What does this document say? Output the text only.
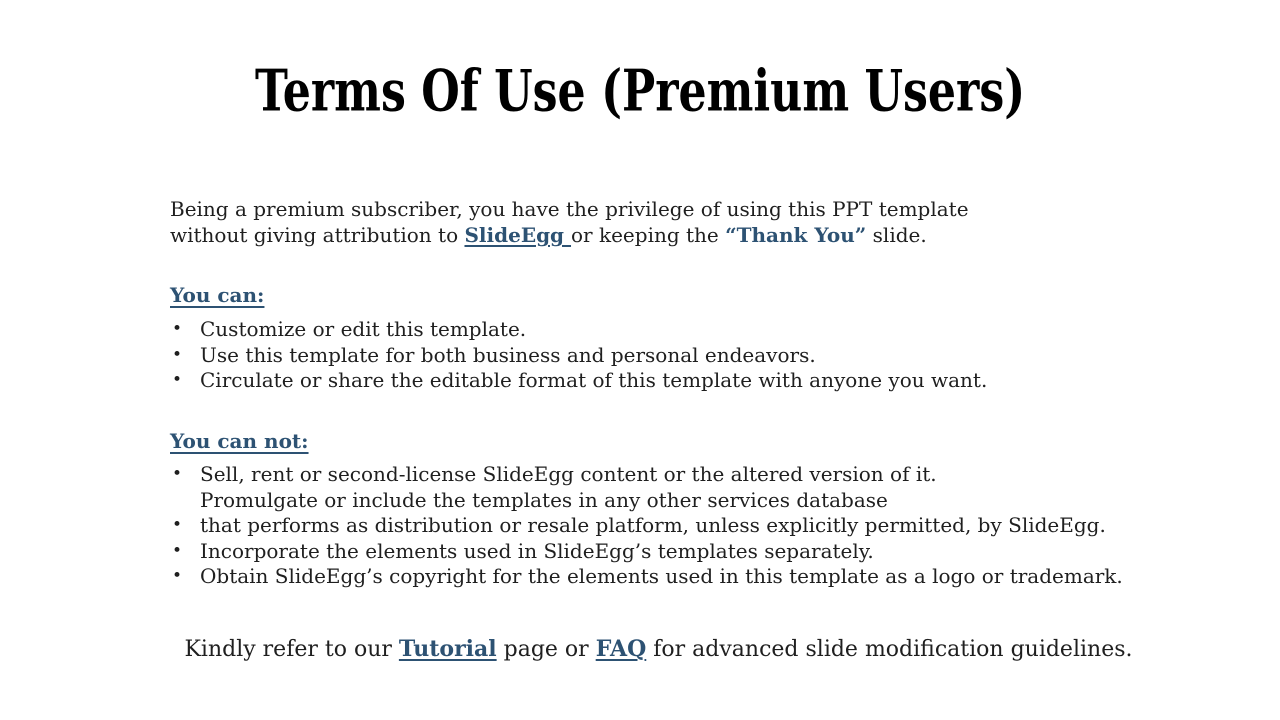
Terms Of Use (Premium Users)
Being a premium subscriber, you have the privilege of using this PPT template
without giving attribution to SlideEgg or keeping the “Thank You” slide.
You can:
• Customize or edit this template.
• Use this template for both business and personal endeavors.
• Circulate or share the editable format of this template with anyone you want.
You can not:
• Sell, rent or second-license SlideEgg content or the altered version of it.
Promulgate or include the templates in any other services database
• that performs as distribution or resale platform, unless explicitly permitted, by SlideEgg.
• Incorporate the elements used in SlideEgg’s templates separately.
• Obtain SlideEgg’s copyright for the elements used in this template as a logo or trademark.
Kindly refer to our Tutorial page or FAQ for advanced slide modification guidelines.
